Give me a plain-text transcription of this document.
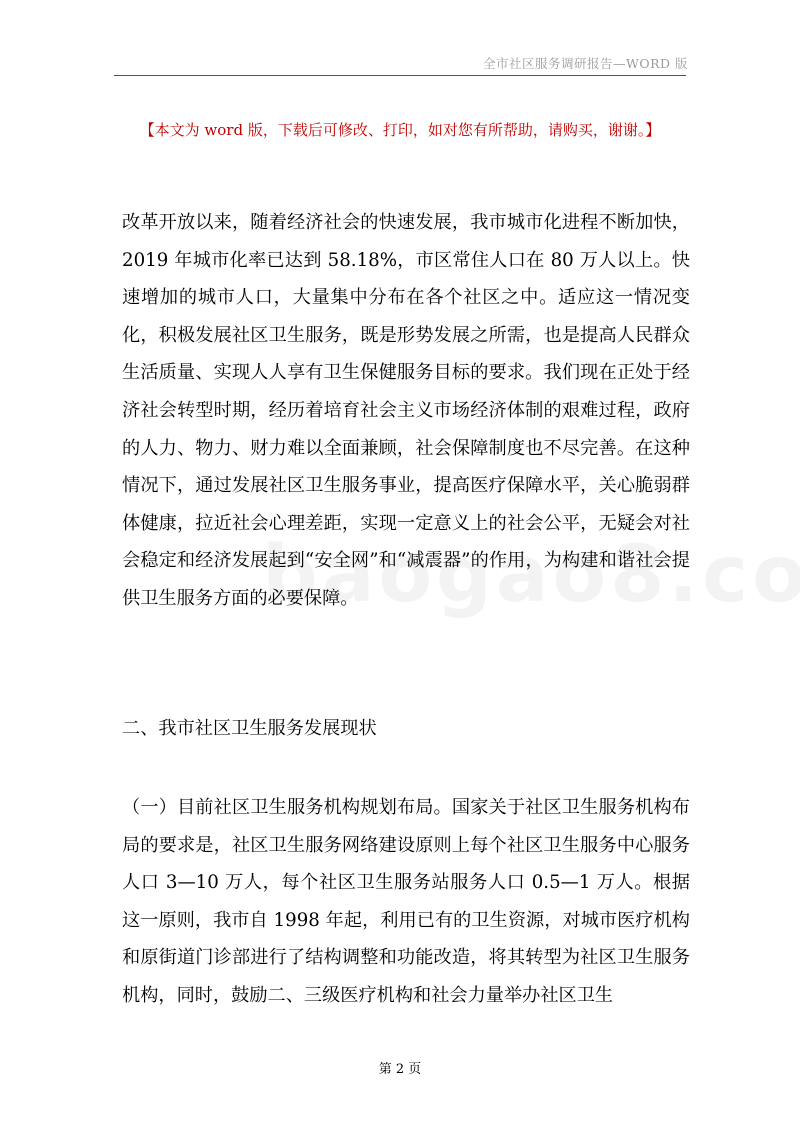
全市社区服务调研报告—WORD 版
【本文为 word 版，下载后可修改、打印，如对您有所帮助，请购买，谢谢。】

改革开放以来，随着经济社会的快速发展，我市城市化进程不断加快，2019 年城市化率已达到 58.18%，市区常住人口在 80 万人以上。快速增加的城市人口，大量集中分布在各个社区之中。适应这一情况变化，积极发展社区卫生服务，既是形势发展之所需，也是提高人民群众生活质量、实现人人享有卫生保健服务目标的要求。我们现在正处于经济社会转型时期，经历着培育社会主义市场经济体制的艰难过程，政府的人力、物力、财力难以全面兼顾，社会保障制度也不尽完善。在这种情况下，通过发展社区卫生服务事业，提高医疗保障水平，关心脆弱群体健康，拉近社会心理差距，实现一定意义上的社会公平，无疑会对社会稳定和经济发展起到“安全网”和“减震器”的作用，为构建和谐社会提供卫生服务方面的必要保障。

二、我市社区卫生服务发展现状

（一）目前社区卫生服务机构规划布局。国家关于社区卫生服务机构布局的要求是，社区卫生服务网络建设原则上每个社区卫生服务中心服务人口 3—10 万人，每个社区卫生服务站服务人口 0.5—1 万人。根据这一原则，我市自 1998 年起，利用已有的卫生资源，对城市医疗机构和原街道门诊部进行了结构调整和功能改造，将其转型为社区卫生服务机构，同时，鼓励二、三级医疗机构和社会力量举办社区卫生

第 2 页
